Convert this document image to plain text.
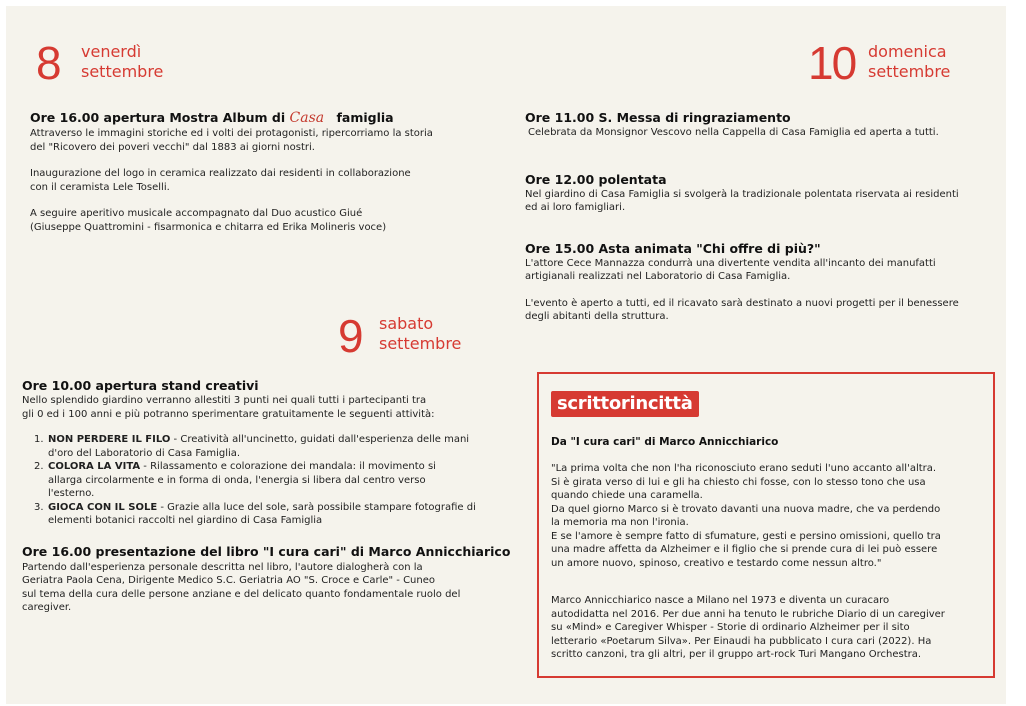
8 venerdì
settembre	10 domenica
settembre
Ore 16.00 apertura Mostra Album di Casa famiglia

Attraverso le immagini storiche ed i volti dei protagonisti, ripercorriamo la storia

del "Ricovero dei poveri vecchi" dal 1883 ai giorni nostri.

Inaugurazione del logo in ceramica realizzato dai residenti in collaborazione

con il ceramista Lele Toselli.

A seguire aperitivo musicale accompagnato dal Duo acustico Giué

(Giuseppe Quattromini - fisarmonica e chitarra ed Erika Molineris voce)

Ore 11.00 S. Messa di ringraziamento
Celebrata da Monsignor Vescovo nella Cappella di Casa Famiglia ed aperta a tutti.
Ore 12.00 polentata

Nel giardino di Casa Famiglia si svolgerà la tradizionale polentata riservata ai residenti

ed ai loro famigliari.

Ore 15.00 Asta animata "Chi offre di più?"

L'attore Cece Mannazza condurrà una divertente vendita all'incanto dei manufatti

artigianali realizzati nel Laboratorio di Casa Famiglia.

L'evento è aperto a tutti, ed il ricavato sarà destinato a nuovi progetti per il benessere

degli abitanti della struttura.

9 sabato
settembre
Ore 10.00 apertura stand creativi

Nello splendido giardino verranno allestiti 3 punti nei quali tutti i partecipanti tra

gli 0 ed i 100 anni e più potranno sperimentare gratuitamente le seguenti attività:

1. NON PERDERE IL FILO - Creatività all'uncinetto, guidati dall'esperienza delle mani
d'oro del Laboratorio di Casa Famiglia.
2. COLORA LA VITA - Rilassamento e colorazione dei mandala: il movimento si
allarga circolarmente e in forma di onda, l'energia si libera dal centro verso
l'esterno.
3. GIOCA CON IL SOLE - Grazie alla luce del sole, sarà possibile stampare fotografie di
elementi botanici raccolti nel giardino di Casa Famiglia
Ore 16.00 presentazione del libro "I cura cari" di Marco Annicchiarico

Partendo dall'esperienza personale descritta nel libro, l'autore dialogherà con la

Geriatra Paola Cena, Dirigente Medico S.C. Geriatria AO "S. Croce e Carle" - Cuneo

sul tema della cura delle persone anziane e del delicato quanto fondamentale ruolo del

caregiver.

scrittorincittà
Da "I cura cari" di Marco Annicchiarico

"La prima volta che non l'ha riconosciuto erano seduti l'uno accanto all'altra.

Si è girata verso di lui e gli ha chiesto chi fosse, con lo stesso tono che usa

quando chiede una caramella.

Da quel giorno Marco si è trovato davanti una nuova madre, che va perdendo

la memoria ma non l'ironia.

E se l'amore è sempre fatto di sfumature, gesti e persino omissioni, quello tra

una madre affetta da Alzheimer e il figlio che si prende cura di lei può essere

un amore nuovo, spinoso, creativo e testardo come nessun altro."

Marco Annicchiarico nasce a Milano nel 1973 e diventa un curacaro

autodidatta nel 2016. Per due anni ha tenuto le rubriche Diario di un caregiver

su «Mind» e Caregiver Whisper - Storie di ordinario Alzheimer per il sito

letterario «Poetarum Silva». Per Einaudi ha pubblicato I cura cari (2022). Ha

scritto canzoni, tra gli altri, per il gruppo art-rock Turi Mangano Orchestra.
